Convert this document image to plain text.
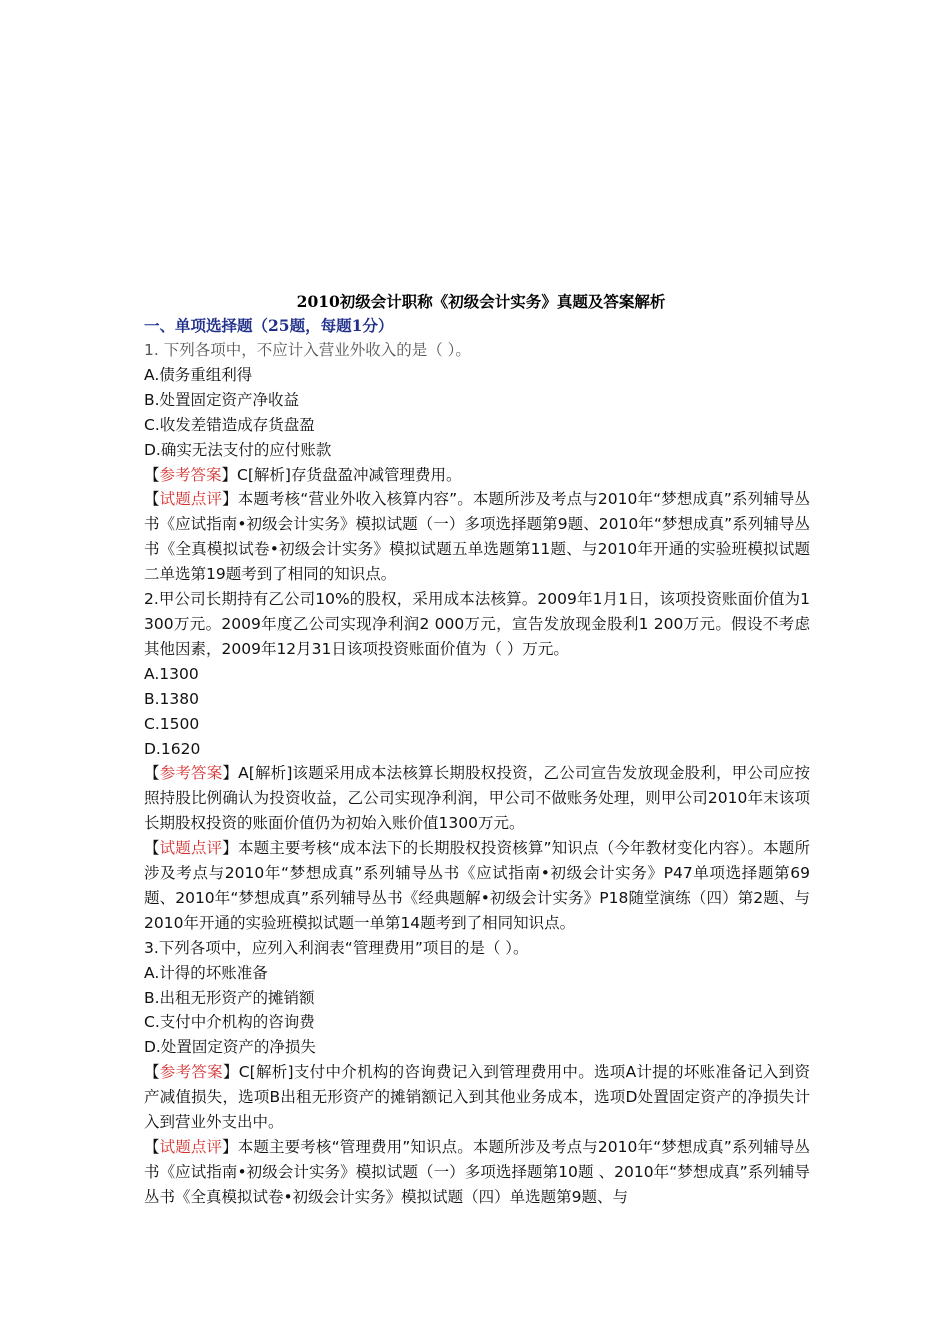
2010初级会计职称《初级会计实务》真题及答案解析
一、单项选择题（25题，每题1分）
1. 下列各项中，不应计入营业外收入的是（ ）。
A.债务重组利得
B.处置固定资产净收益
C.收发差错造成存货盘盈
D.确实无法支付的应付账款
【参考答案】C[解析]存货盘盈冲减管理费用。
【试题点评】本题考核“营业外收入核算内容”。本题所涉及考点与2010年“梦想成真”系列辅导丛书《应试指南•初级会计实务》模拟试题（一）多项选择题第9题、2010年“梦想成真”系列辅导丛书《全真模拟试卷•初级会计实务》模拟试题五单选题第11题、与2010年开通的实验班模拟试题二单选第19题考到了相同的知识点。
2.甲公司长期持有乙公司10%的股权，采用成本法核算。2009年1月1日，该项投资账面价值为1 300万元。2009年度乙公司实现净利润2 000万元，宣告发放现金股利1 200万元。假设不考虑其他因素，2009年12月31日该项投资账面价值为（ ）万元。
A.1300
B.1380
C.1500
D.1620
【参考答案】A[解析]该题采用成本法核算长期股权投资，乙公司宣告发放现金股利，甲公司应按照持股比例确认为投资收益，乙公司实现净利润，甲公司不做账务处理，则甲公司2010年末该项长期股权投资的账面价值仍为初始入账价值1300万元。
【试题点评】本题主要考核“成本法下的长期股权投资核算”知识点（今年教材变化内容）。本题所涉及考点与2010年“梦想成真”系列辅导丛书《应试指南•初级会计实务》P47单项选择题第69题、2010年“梦想成真”系列辅导丛书《经典题解•初级会计实务》P18随堂演练（四）第2题、与2010年开通的实验班模拟试题一单第14题考到了相同知识点。
3.下列各项中，应列入利润表“管理费用”项目的是（ ）。
A.计得的坏账准备
B.出租无形资产的摊销额
C.支付中介机构的咨询费
D.处置固定资产的净损失
【参考答案】C[解析]支付中介机构的咨询费记入到管理费用中。选项A计提的坏账准备记入到资产减值损失，选项B出租无形资产的摊销额记入到其他业务成本，选项D处置固定资产的净损失计入到营业外支出中。
【试题点评】本题主要考核“管理费用”知识点。本题所涉及考点与2010年“梦想成真”系列辅导丛书《应试指南•初级会计实务》模拟试题（一）多项选择题第10题 、2010年“梦想成真”系列辅导丛书《全真模拟试卷•初级会计实务》模拟试题（四）单选题第9题、与
